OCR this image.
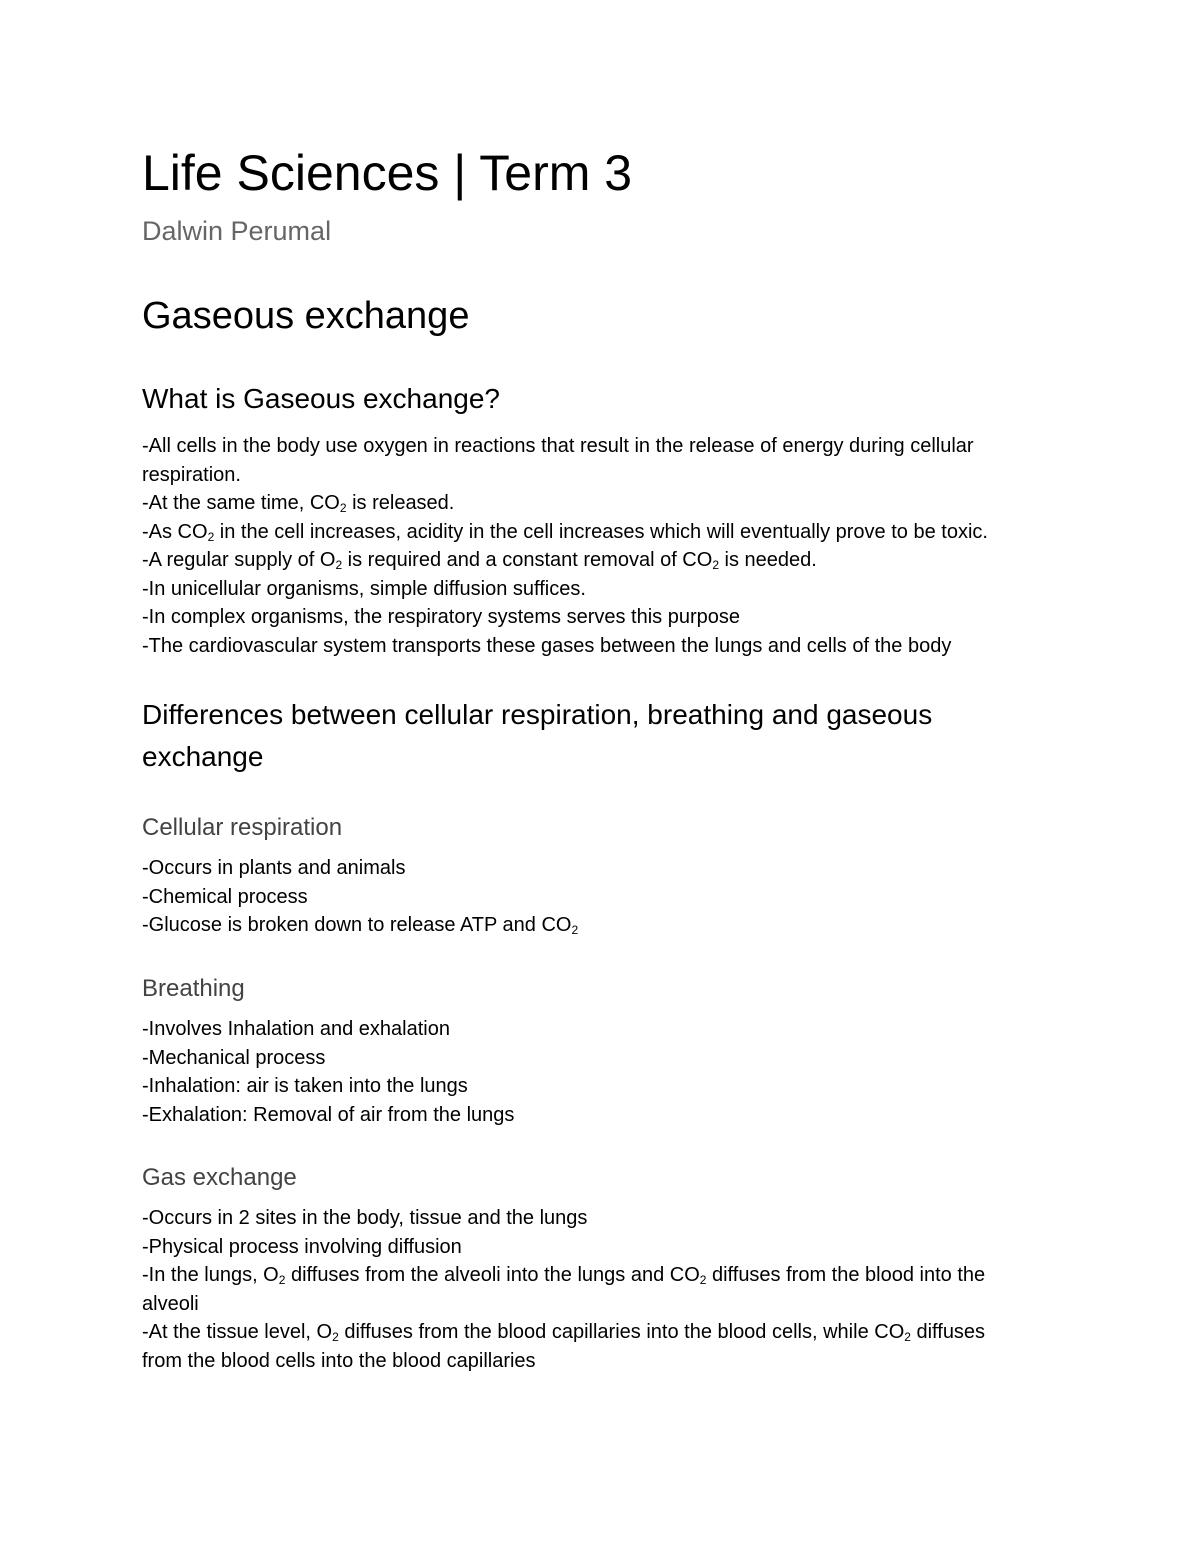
Life Sciences | Term 3
Dalwin Perumal
Gaseous exchange
What is Gaseous exchange?
-All cells in the body use oxygen in reactions that result in the release of energy during cellular
respiration.
-At the same time, $CO_2$ is released.
-As $CO_2$ in the cell increases, acidity in the cell increases which will eventually prove to be toxic.
-A regular supply of $O_2$ is required and a constant removal of $CO_2$ is needed.
-In unicellular organisms, simple diffusion suffices.
-In complex organisms, the respiratory systems serves this purpose
-The cardiovascular system transports these gases between the lungs and cells of the body
Differences between cellular respiration, breathing and gaseous exchange
Cellular respiration
-Occurs in plants and animals
-Chemical process
-Glucose is broken down to release ATP and $CO_2$
Breathing
-Involves Inhalation and exhalation
-Mechanical process
-Inhalation: air is taken into the lungs
-Exhalation: Removal of air from the lungs
Gas exchange
-Occurs in 2 sites in the body, tissue and the lungs
-Physical process involving diffusion
-In the lungs, $O_2$ diffuses from the alveoli into the lungs and $CO_2$ diffuses from the blood into the
alveoli
-At the tissue level, $O_2$ diffuses from the blood capillaries into the blood cells, while $CO_2$ diffuses
from the blood cells into the blood capillaries
